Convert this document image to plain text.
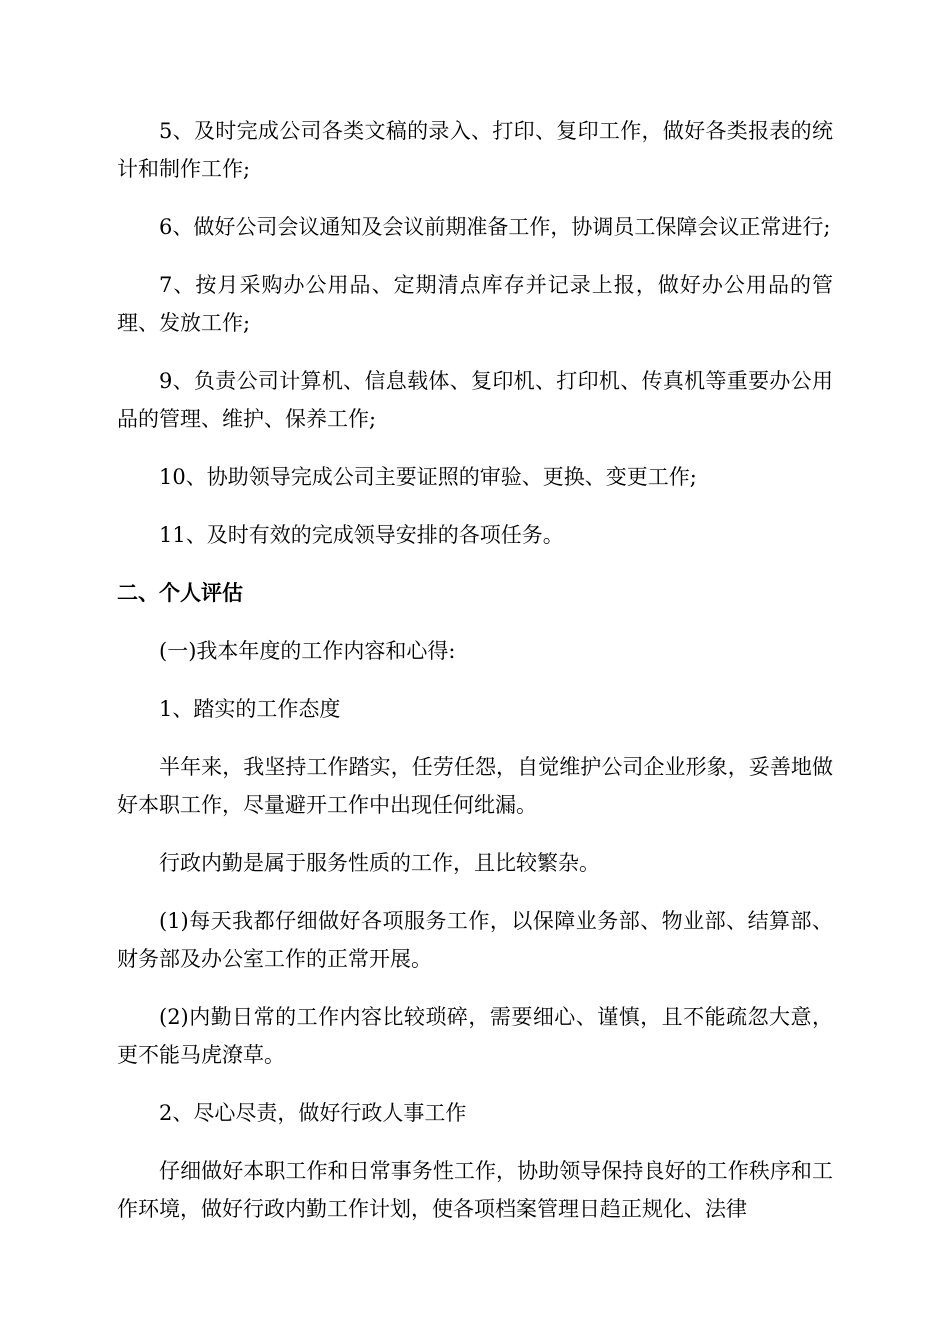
5、及时完成公司各类文稿的录入、打印、复印工作，做好各类报表的统计和制作工作;

6、做好公司会议通知及会议前期准备工作，协调员工保障会议正常进行;

7、按月采购办公用品、定期清点库存并记录上报，做好办公用品的管理、发放工作;

9、负责公司计算机、信息载体、复印机、打印机、传真机等重要办公用品的管理、维护、保养工作;

10、协助领导完成公司主要证照的审验、更换、变更工作;

11、及时有效的完成领导安排的各项任务。

二、个人评估

(一)我本年度的工作内容和心得:

1、踏实的工作态度

半年来，我坚持工作踏实，任劳任怨，自觉维护公司企业形象，妥善地做好本职工作，尽量避开工作中出现任何纰漏。

行政内勤是属于服务性质的工作，且比较繁杂。

(1)每天我都仔细做好各项服务工作，以保障业务部、物业部、结算部、财务部及办公室工作的正常开展。

(2)内勤日常的工作内容比较琐碎，需要细心、谨慎，且不能疏忽大意，更不能马虎潦草。

2、尽心尽责，做好行政人事工作

仔细做好本职工作和日常事务性工作，协助领导保持良好的工作秩序和工作环境，做好行政内勤工作计划，使各项档案管理日趋正规化、法律
